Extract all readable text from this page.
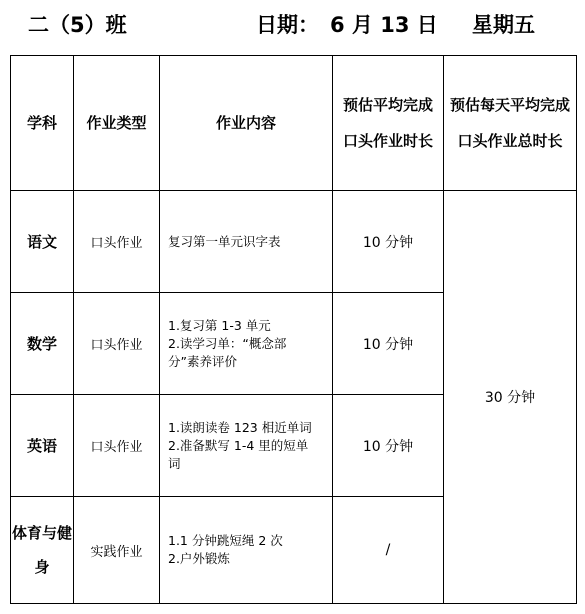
二（5）班	日期： 6 月 13 日 星期五
学科	作业类型	作业内容	预估平均完成口头作业时长	预估每天平均完成口头作业总时长
语文	口头作业	复习第一单元识字表	10 分钟	30 分钟
数学	口头作业	1.复习第 1-3 单元
2.读学习单：“概念部
分”素养评价	10 分钟	
英语	口头作业	1.读朗读卷 123 相近单词
2.准备默写 1-4 里的短单
词	10 分钟	
体育与健身	实践作业	1.1 分钟跳短绳 2 次
2.户外锻炼	/	
